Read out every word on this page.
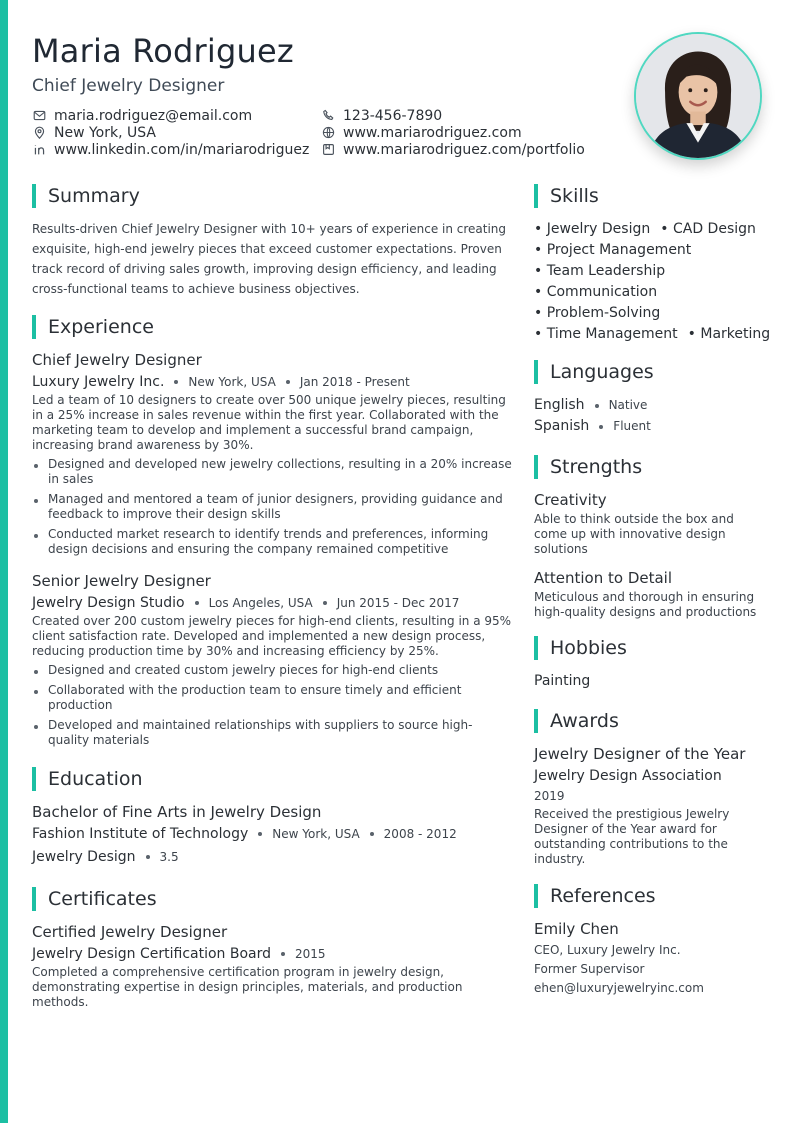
Maria Rodriguez
Chief Jewelry Designer
maria.rodriguez@email.com	123-456-7890
New York, USA	www.mariarodriguez.com
www.linkedin.com/in/mariarodriguez www.mariarodriguez.com/portfolio
Summary
Results-driven Chief Jewelry Designer with 10+ years of experience in creating exquisite, high-end jewelry pieces that exceed customer expectations. Proven track record of driving sales growth, improving design efficiency, and leading cross-functional teams to achieve business objectives.
Experience
Chief Jewelry Designer
Luxury Jewelry Inc. New York, USA Jan 2018 - Present
Led a team of 10 designers to create over 500 unique jewelry pieces, resulting in a 25% increase in sales revenue within the first year. Collaborated with the marketing team to develop and implement a successful brand campaign, increasing brand awareness by 30%.
Designed and developed new jewelry collections, resulting in a 20% increase in sales
Managed and mentored a team of junior designers, providing guidance and feedback to improve their design skills
Conducted market research to identify trends and preferences, informing design decisions and ensuring the company remained competitive
Senior Jewelry Designer
Jewelry Design Studio Los Angeles, USA Jun 2015 - Dec 2017
Created over 200 custom jewelry pieces for high-end clients, resulting in a 95% client satisfaction rate. Developed and implemented a new design process, reducing production time by 30% and increasing efficiency by 25%.
Designed and created custom jewelry pieces for high-end clients
Collaborated with the production team to ensure timely and efficient production
Developed and maintained relationships with suppliers to source high-quality materials
Education
Bachelor of Fine Arts in Jewelry Design
Fashion Institute of Technology New York, USA 2008 - 2012
Jewelry Design 3.5
Certificates
Certified Jewelry Designer
Jewelry Design Certification Board 2015
Completed a comprehensive certification program in jewelry design, demonstrating expertise in design principles, materials, and production methods.
Skills
• Jewelry Design • CAD Design
• Project Management
• Team Leadership
• Communication
• Problem-Solving
• Time Management • Marketing
Languages
English Native
Spanish Fluent
Strengths
Creativity
Able to think outside the box and come up with innovative design solutions
Attention to Detail
Meticulous and thorough in ensuring high-quality designs and productions
Hobbies
Painting
Awards
Jewelry Designer of the Year
Jewelry Design Association
2019
Received the prestigious Jewelry Designer of the Year award for outstanding contributions to the industry.
References
Emily Chen
CEO, Luxury Jewelry Inc.
Former Supervisor
ehen@luxuryjewelryinc.com
